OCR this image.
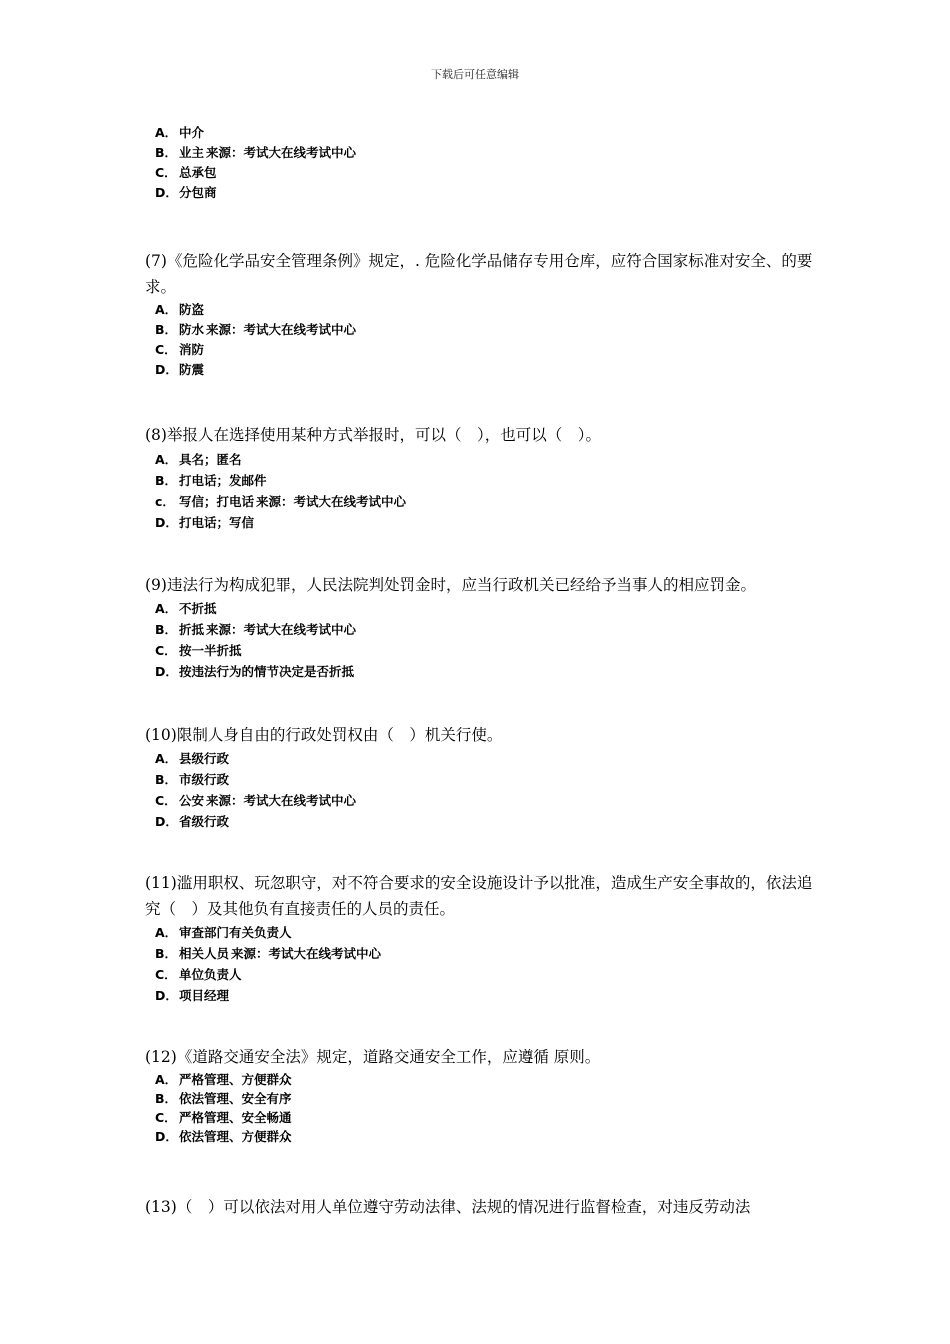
下载后可任意编辑
A． 中介
B． 业主 来源：考试大在线考试中心
C． 总承包
D．分包商
(7)《危险化学品安全管理条例》规定，. 危险化学品储存专用仓库，应符合国家标准对安全、的要求。
A． 防盗
B． 防水 来源：考试大在线考试中心
C． 消防
D．防震
(8)举报人在选择使用某种方式举报时，可以（　），也可以（　）。
A． 具名；匿名
B． 打电话；发邮件
c． 写信；打电话 来源：考试大在线考试中心
D．打电话；写信
(9)违法行为构成犯罪，人民法院判处罚金时，应当行政机关已经给予当事人的相应罚金。
A． 不折抵
B． 折抵 来源：考试大在线考试中心
C． 按一半折抵
D．按违法行为的情节决定是否折抵
(10)限制人身自由的行政处罚权由（　）机关行使。
A． 县级行政
B． 市级行政
C． 公安 来源：考试大在线考试中心
D．省级行政
(11)滥用职权、玩忽职守，对不符合要求的安全设施设计予以批准，造成生产安全事故的，依法追究（　）及其他负有直接责任的人员的责任。
A． 审查部门有关负责人
B． 相关人员 来源：考试大在线考试中心
C． 单位负责人
D．项目经理
(12)《道路交通安全法》规定，道路交通安全工作，应遵循 原则。
A． 严格管理、方便群众
B． 依法管理、安全有序
C． 严格管理、安全畅通
D．依法管理、方便群众
(13)（　）可以依法对用人单位遵守劳动法律、法规的情况进行监督检查，对违反劳动法
